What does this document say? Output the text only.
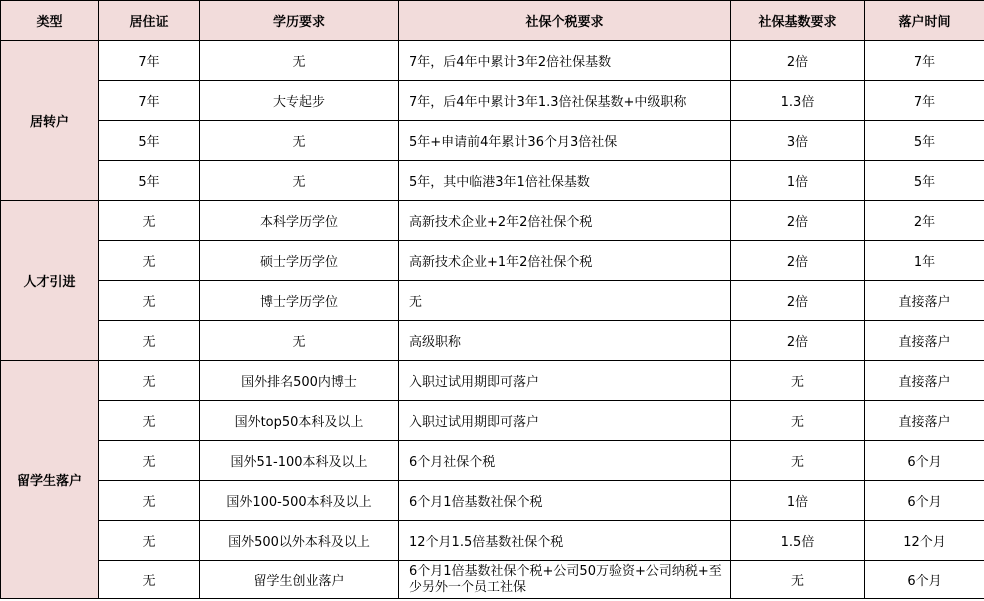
类型	居住证	学历要求	社保个税要求	社保基数要求	落户时间
居转户	7年	无	7年，后4年中累计3年2倍社保基数	2倍	7年
	7年	大专起步	7年，后4年中累计3年1.3倍社保基数+中级职称	1.3倍	7年
	5年	无	5年+申请前4年累计36个月3倍社保	3倍	5年
	5年	无	5年，其中临港3年1倍社保基数	1倍	5年
人才引进	无	本科学历学位	高新技术企业+2年2倍社保个税	2倍	2年
	无	硕士学历学位	高新技术企业+1年2倍社保个税	2倍	1年
	无	博士学历学位	无	2倍	直接落户
	无	无	高级职称	2倍	直接落户
留学生落户	无	国外排名500内博士	入职过试用期即可落户	无	直接落户
	无	国外top50本科及以上	入职过试用期即可落户	无	直接落户
	无	国外51-100本科及以上	6个月社保个税	无	6个月
	无	国外100-500本科及以上	6个月1倍基数社保个税	1倍	6个月
	无	国外500以外本科及以上	12个月1.5倍基数社保个税	1.5倍	12个月
	无	留学生创业落户	6个月1倍基数社保个税+公司50万验资+公司纳税+至少另外一个员工社保	无	6个月
